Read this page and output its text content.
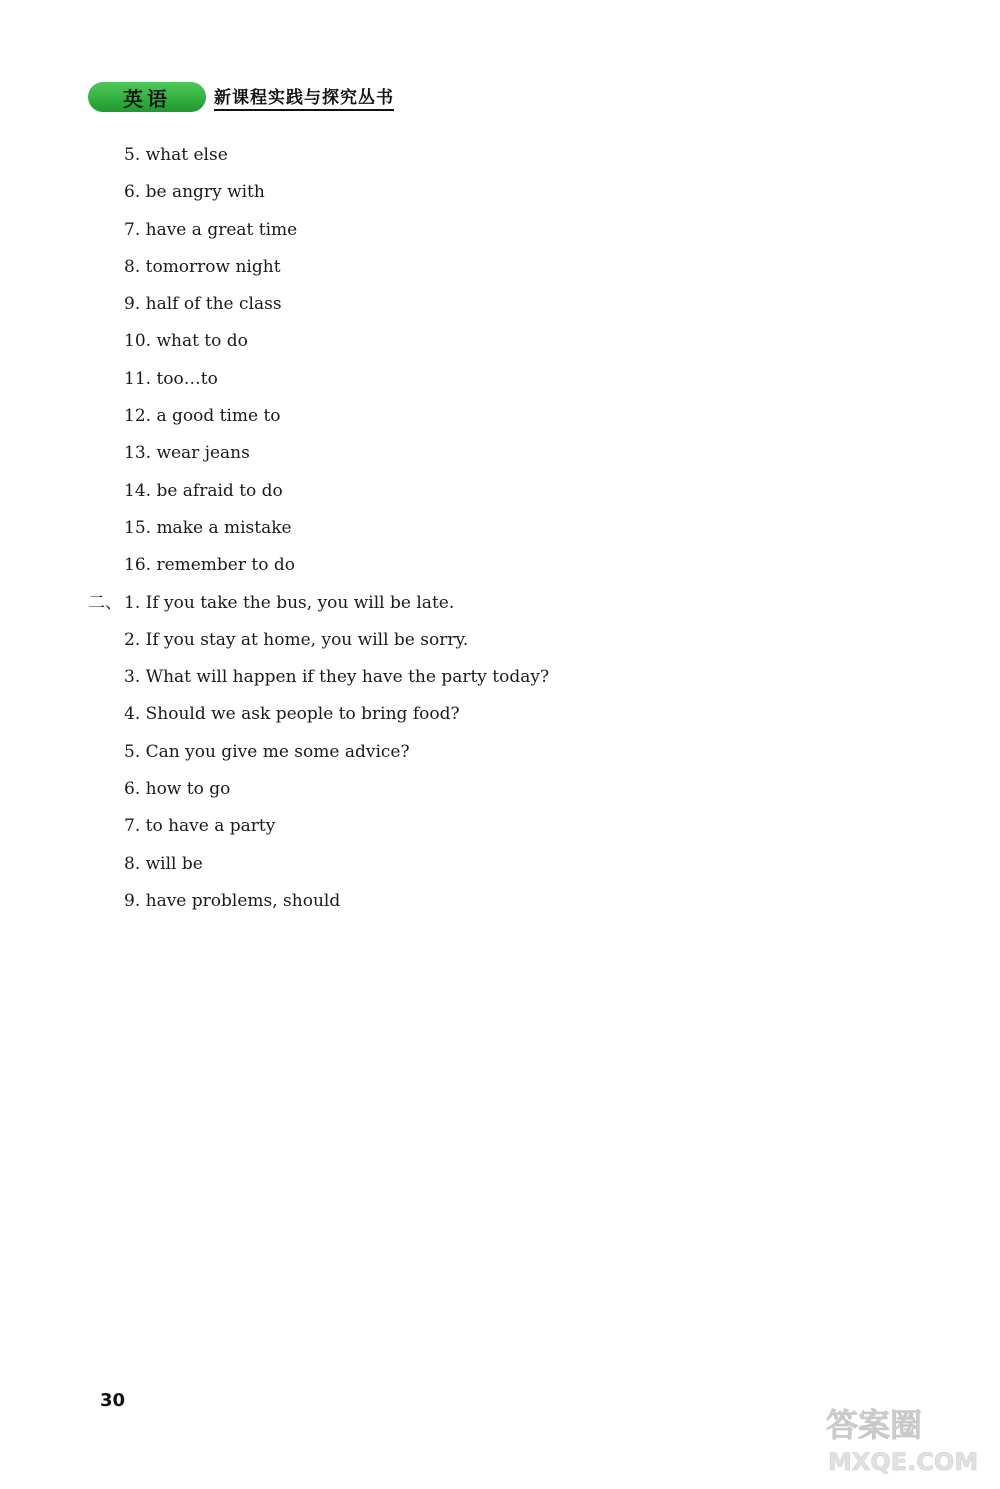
英语	新课程实践与探究丛书
5. what else
6. be angry with
7. have a great time
8. tomorrow night
9. half of the class
10. what to do
11. too…to
12. a good time to
13. wear jeans
14. be afraid to do
15. make a mistake
16. remember to do
二、 1. If you take the bus, you will be late.
2. If you stay at home, you will be sorry.
3. What will happen if they have the party today?
4. Should we ask people to bring food?
5. Can you give me some advice?
6. how to go
7. to have a party
8. will be
9. have problems, should
30
答案圈
MXQE.COM
